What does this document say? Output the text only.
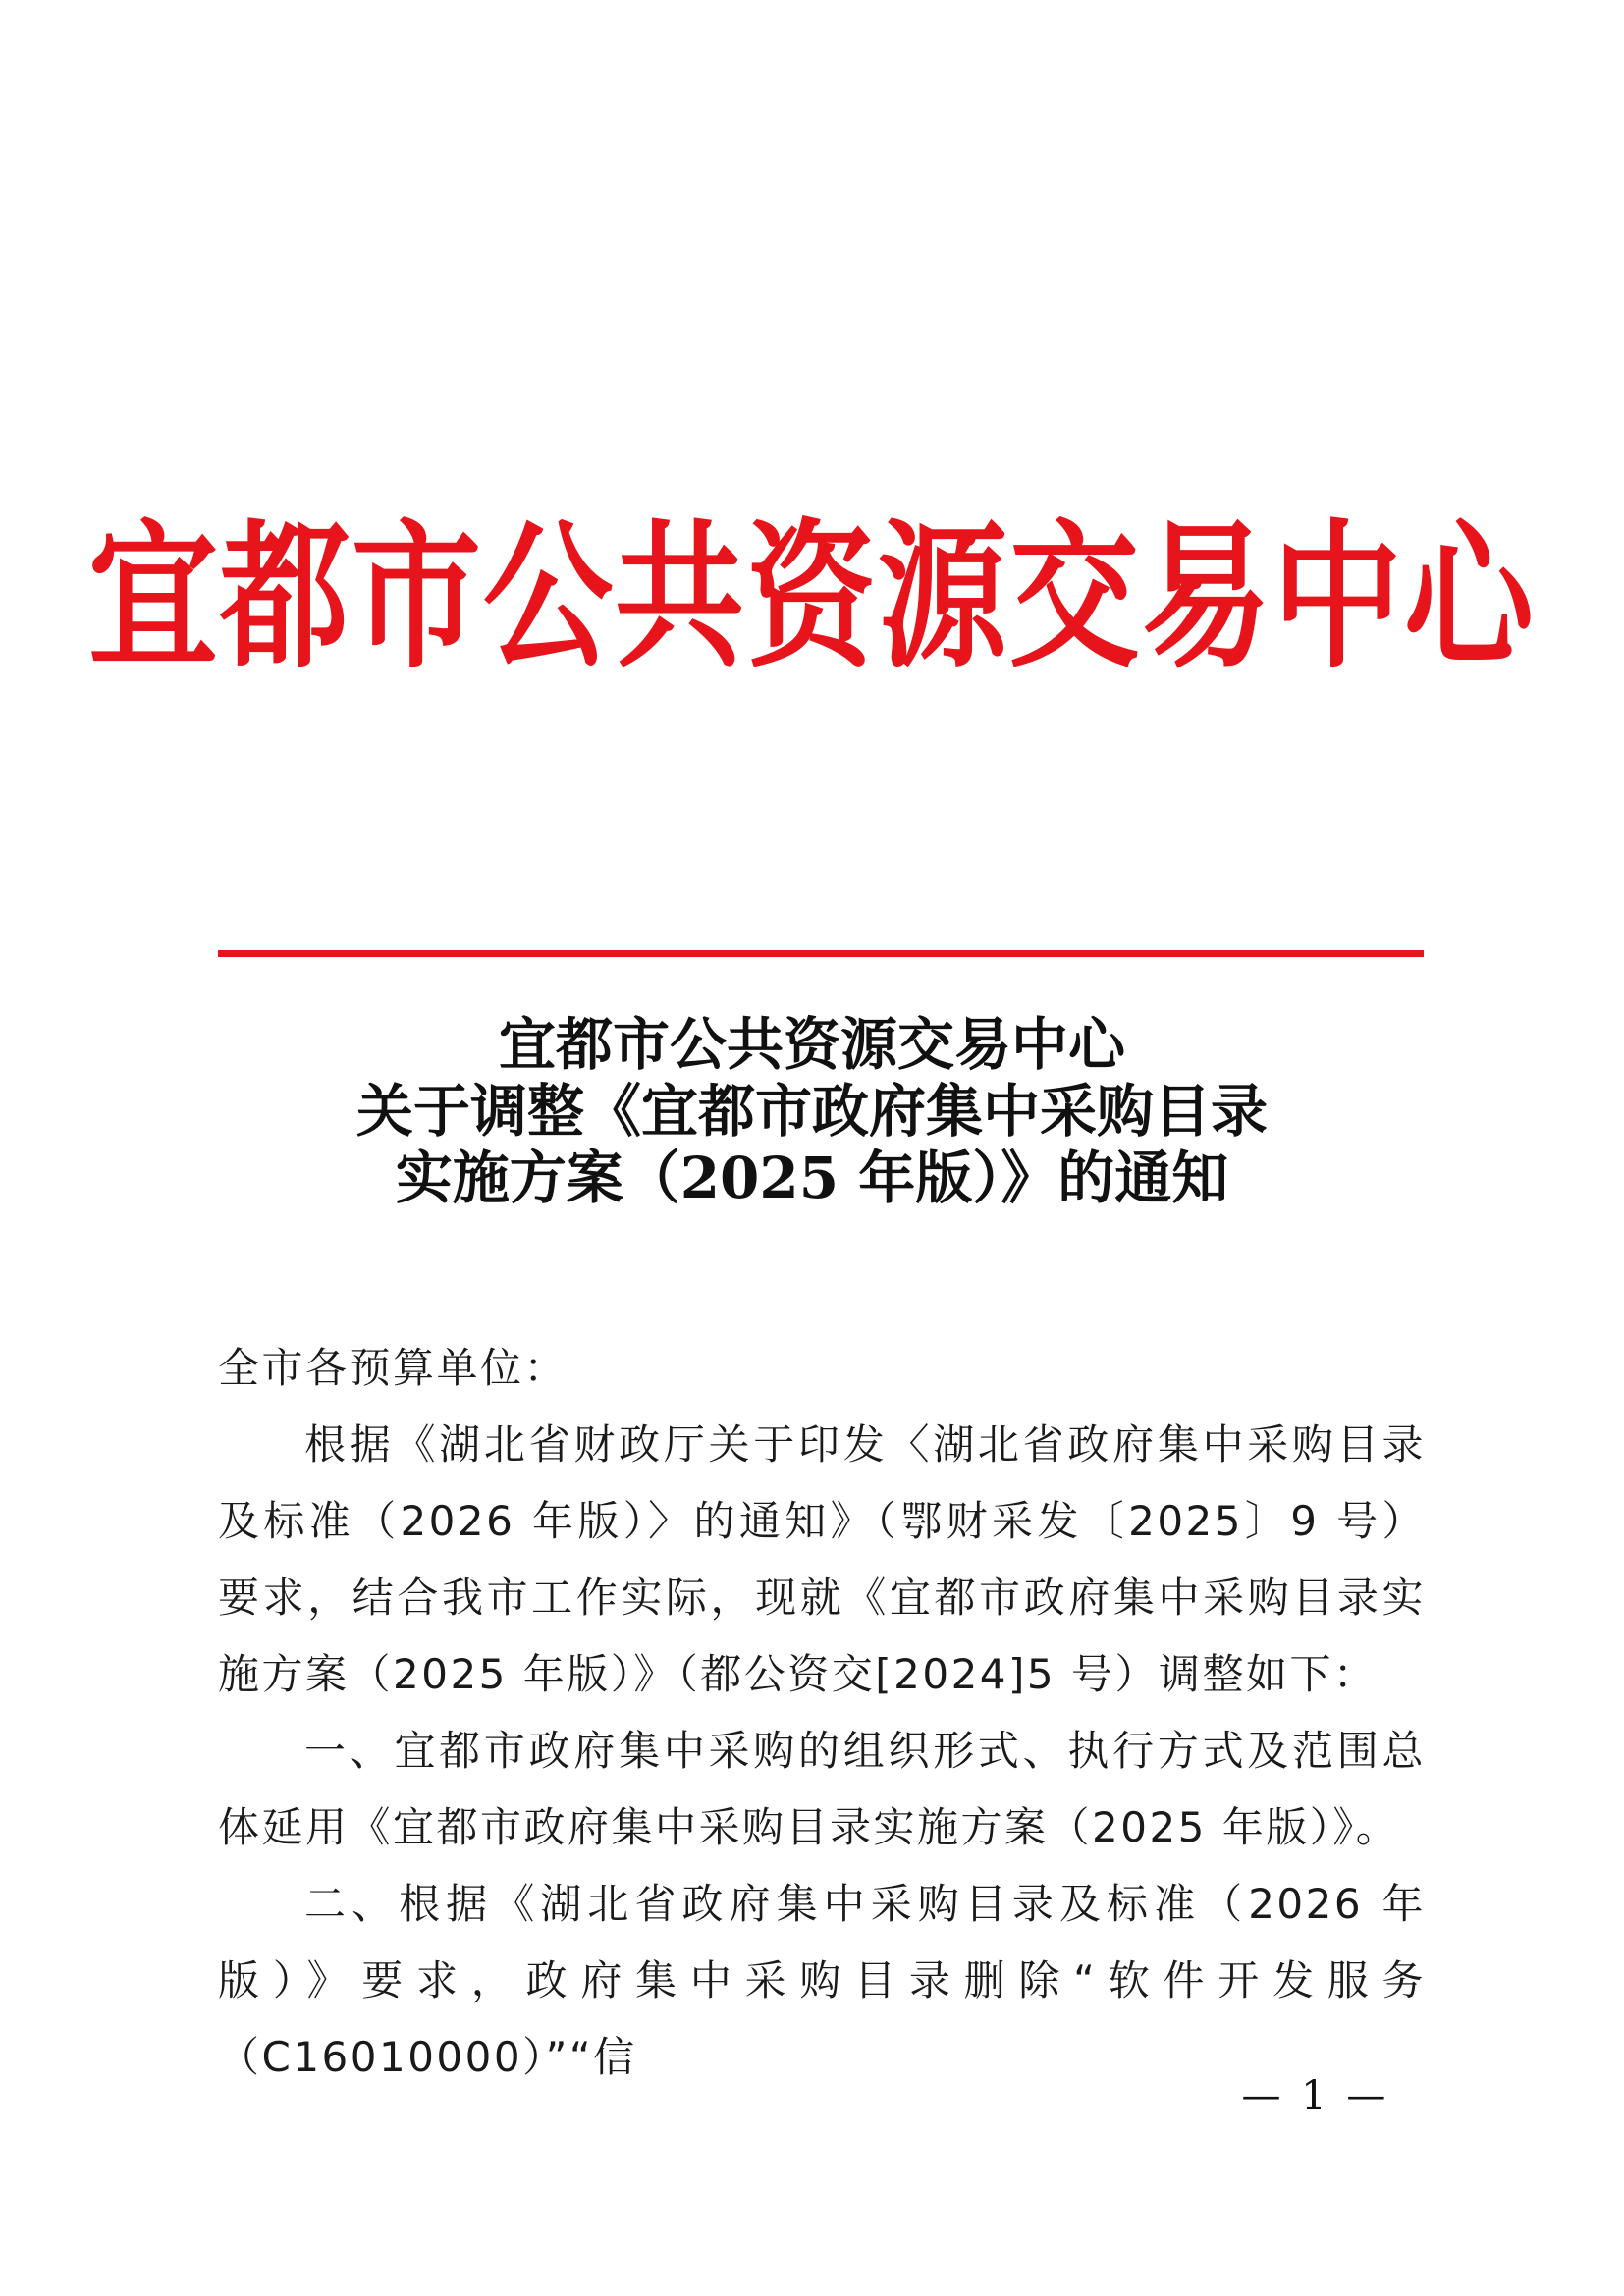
宜都市公共资源交易中心
宜都市公共资源交易中心
关于调整《宜都市政府集中采购目录
实施方案（2025 年版）》的通知

全市各预算单位：

根据《湖北省财政厅关于印发〈湖北省政府集中采购目录及标准（2026 年版）〉的通知》（鄂财采发〔2025〕9 号）要求，结合我市工作实际，现就《宜都市政府集中采购目录实施方案（2025 年版）》（都公资交[2024]5 号）调整如下：

一、宜都市政府集中采购的组织形式、执行方式及范围总体延用《宜都市政府集中采购目录实施方案（2025 年版）》。

二、根据《湖北省政府集中采购目录及标准（2026 年版）》要求，政府集中采购目录删除“软件开发服务（C16010000）”“信

— 1 —
